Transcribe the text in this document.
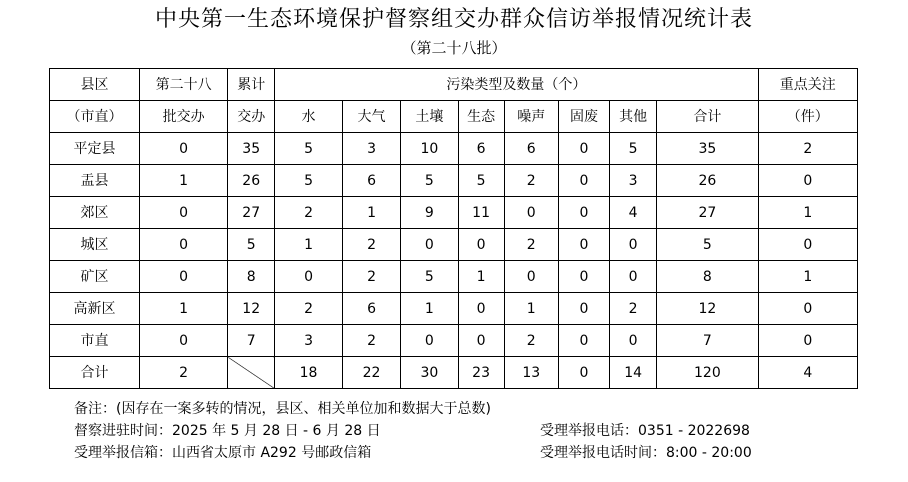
中央第一生态环境保护督察组交办群众信访举报情况统计表
（第二十八批）
县区	第二十八	累计	污染类型及数量（个）								重点关注
（市直）	批交办	交办	水	大气	土壤	生态	噪声	固废	其他	合计	（件）
平定县	0	35	5	3	10	6	6	0	5	35	2
盂县	1	26	5	6	5	5	2	0	3	26	0
郊区	0	27	2	1	9	11	0	0	4	27	1
城区	0	5	1	2	0	0	2	0	0	5	0
矿区	0	8	0	2	5	1	0	0	0	8	1
高新区	1	12	2	6	1	0	1	0	2	12	0
市直	0	7	3	2	0	0	2	0	0	7	0
合计	2		18	22	30	23	13	0	14	120	4
备注：(因存在一案多转的情况，县区、相关单位加和数据大于总数)
督察进驻时间：2025 年 5 月 28 日 - 6 月 28 日	受理举报电话：0351 - 2022698
受理举报信箱：山西省太原市 A292 号邮政信箱	受理举报电话时间：8:00 - 20:00
